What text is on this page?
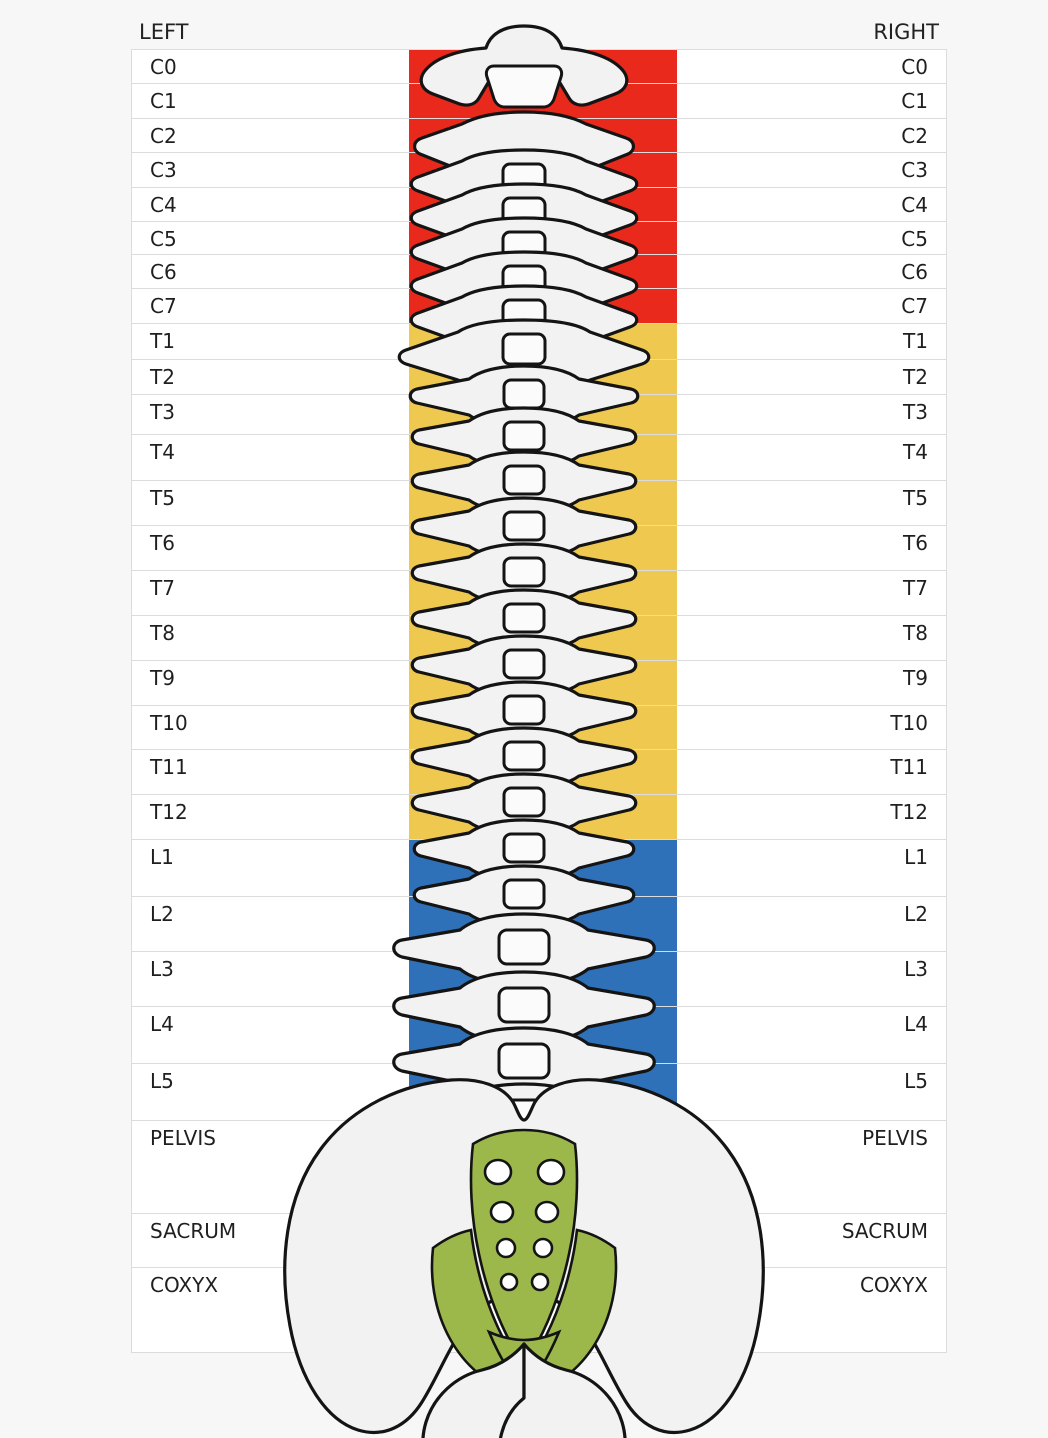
LEFT	RIGHT
C0	C0
C1	C1
C2	C2
C3	C3
C4	C4
C5	C5
C6	C6
C7	C7
T1	T1
T2	T2
T3	T3
T4	T4
T5	T5
T6	T6
T7	T7
T8	T8
T9	T9
T10	T10
T11	T11
T12	T12
L1	L1
L2	L2
L3	L3
L4	L4
L5	L5
PELVIS	PELVIS
SACRUM	SACRUM
COXYX	COXYX
